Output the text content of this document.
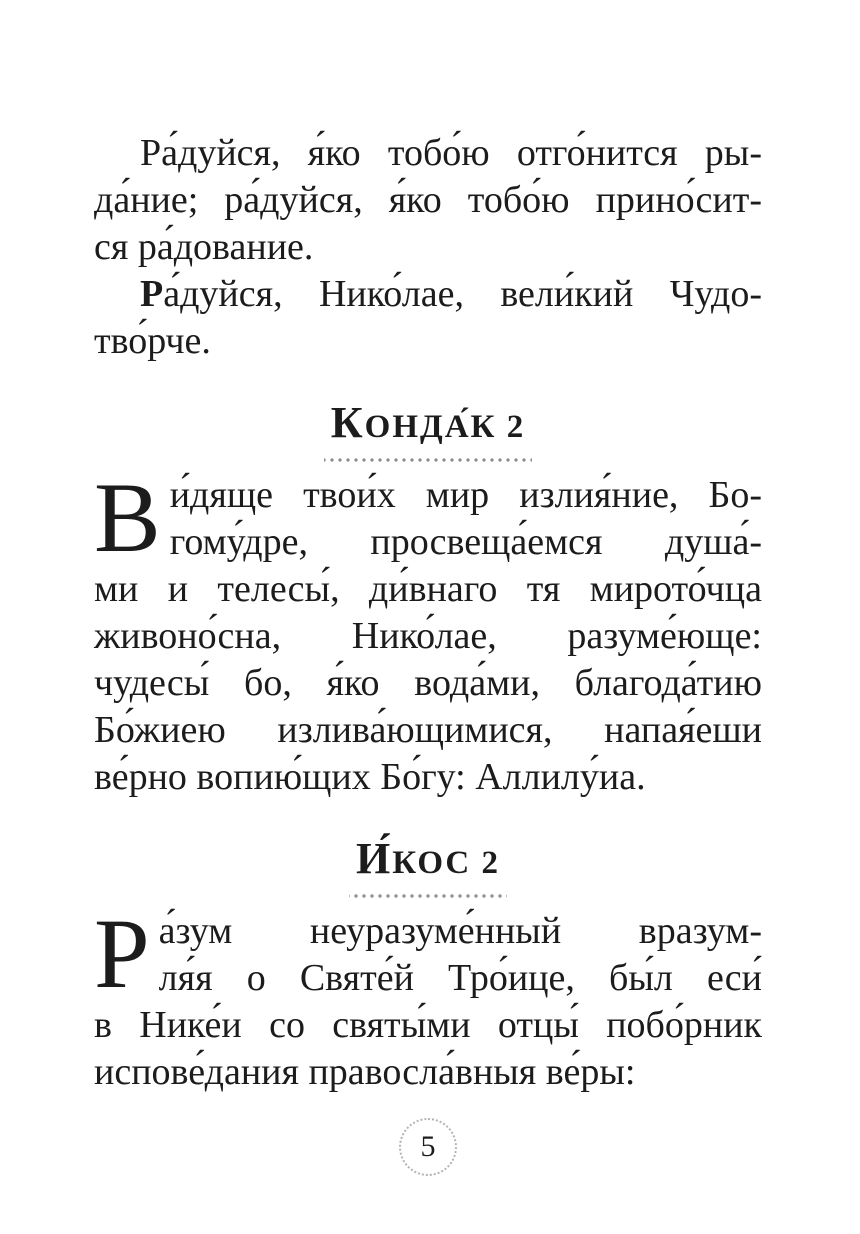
Ра́дуйся, я́ко тобо́ю отго́нится ры-
да́ние; ра́дуйся, я́ко тобо́ю прино́сит-
ся ра́дование.

Ра́дуйся, Нико́лае, вели́кий Чудо-
тво́рче.

КОНДА́К 2

В и́дяще твои́х мир излия́ние, Бо-
гому́дре, просвеща́емся душа́-
ми и телесы́, ди́внаго тя мирото́чца
живоно́сна, Нико́лае, разуме́юще:
чудесы́ бо, я́ко вода́ми, благода́тию
Бо́жиею излива́ющимися, напая́еши
ве́рно вопию́щих Бо́гу: Аллилу́иа.

И́КОС 2

Р а́зум неуразуме́нный вразум-
ля́я о Святе́й Тро́ице, бы́л еси́
в Нике́и со святы́ми отцы́ побо́рник
испове́дания правосла́вныя ве́ры:

5
